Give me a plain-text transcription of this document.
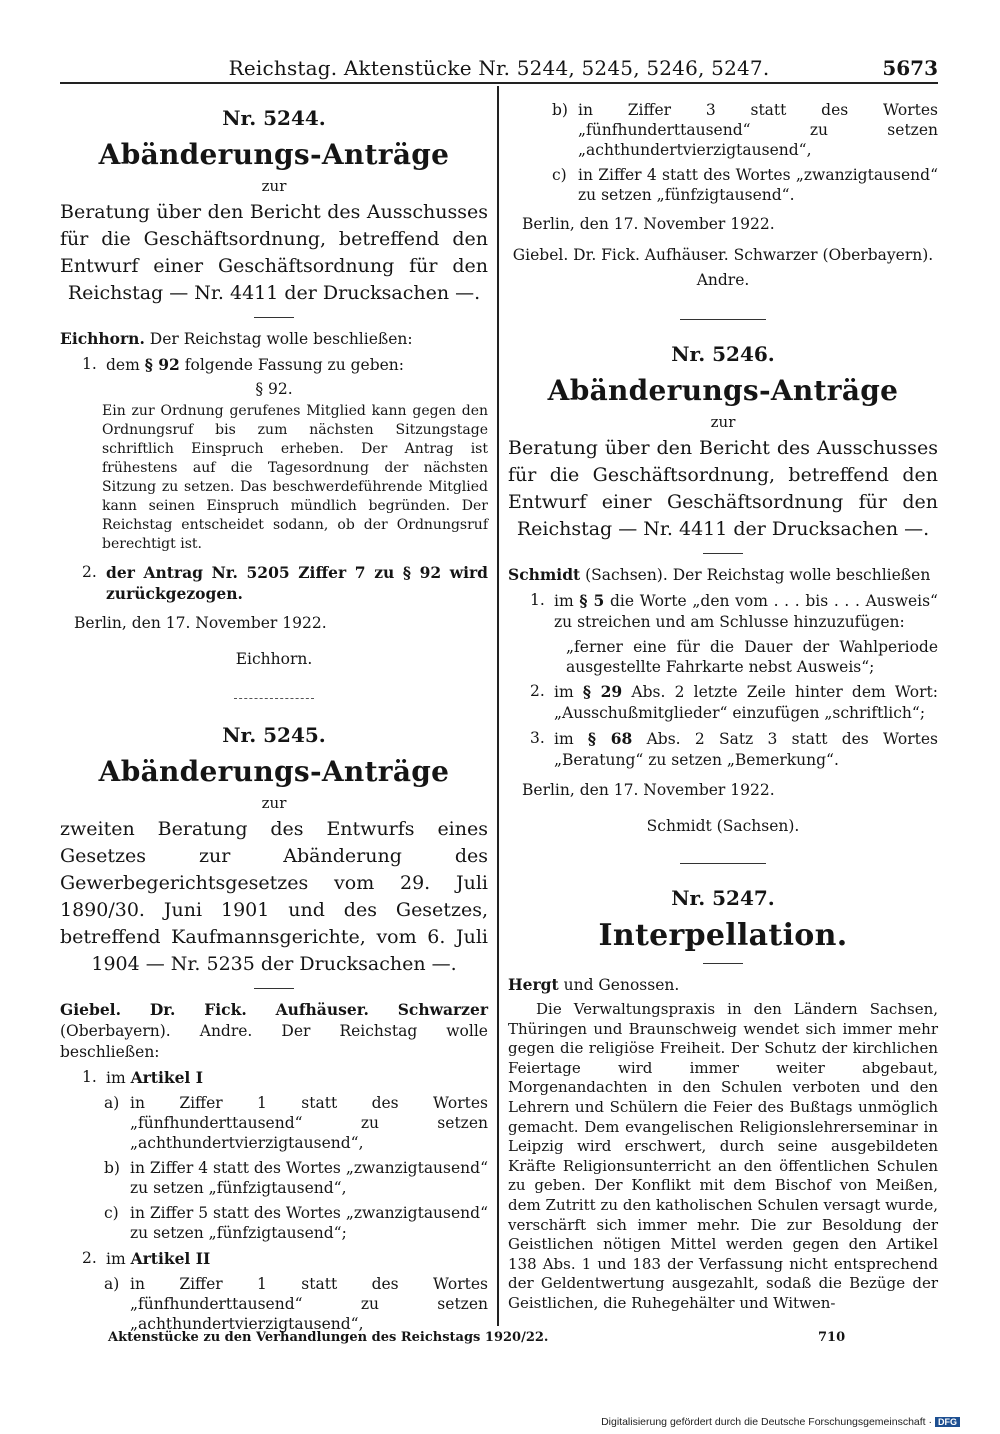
Reichstag. Aktenstücke Nr. 5244, 5245, 5246, 5247.	5673
Nr. 5244.
Abänderungs-Anträge
zur
Beratung über den Bericht des Ausschusses für die Geschäftsordnung, betreffend den Entwurf einer Geschäftsordnung für den Reichstag — Nr. 4411 der Drucksachen —.
Eichhorn. Der Reichstag wolle beschließen:
1. dem § 92 folgende Fassung zu geben:
§ 92.
Ein zur Ordnung gerufenes Mitglied kann gegen den Ordnungsruf bis zum nächsten Sitzungstage schriftlich Einspruch erheben. Der Antrag ist frühestens auf die Tagesordnung der nächsten Sitzung zu setzen. Das beschwerdeführende Mitglied kann seinen Einspruch mündlich begründen. Der Reichstag entscheidet sodann, ob der Ordnungsruf berechtigt ist.
2. der Antrag Nr. 5205 Ziffer 7 zu § 92 wird zurückgezogen.
Berlin, den 17. November 1922.
Eichhorn.
Nr. 5245.
Abänderungs-Anträge
zur
zweiten Beratung des Entwurfs eines Gesetzes zur Abänderung des Gewerbegerichtsgesetzes vom 29. Juli 1890/30. Juni 1901 und des Gesetzes, betreffend Kaufmannsgerichte, vom 6. Juli 1904 — Nr. 5235 der Drucksachen —.
Giebel. Dr. Fick. Aufhäuser. Schwarzer (Oberbayern). Andre. Der Reichstag wolle beschließen:
1. im Artikel I
a) in Ziffer 1 statt des Wortes „fünfhunderttausend“ zu setzen „achthundertvierzigtausend“,
b) in Ziffer 4 statt des Wortes „zwanzigtausend“ zu setzen „fünfzigtausend“,
c) in Ziffer 5 statt des Wortes „zwanzigtausend“ zu setzen „fünfzigtausend“;
2. im Artikel II
a) in Ziffer 1 statt des Wortes „fünfhunderttausend“ zu setzen „achthundertvierzigtausend“,
b) in Ziffer 3 statt des Wortes „fünfhunderttausend“ zu setzen „achthundertvierzigtausend“,
c) in Ziffer 4 statt des Wortes „zwanzigtausend“ zu setzen „fünfzigtausend“.
Berlin, den 17. November 1922.
Giebel. Dr. Fick. Aufhäuser. Schwarzer (Oberbayern).
Andre.
Nr. 5246.
Abänderungs-Anträge
zur
Beratung über den Bericht des Ausschusses für die Geschäftsordnung, betreffend den Entwurf einer Geschäftsordnung für den Reichstag — Nr. 4411 der Drucksachen —.
Schmidt (Sachsen). Der Reichstag wolle beschließen
1. im § 5 die Worte „den vom . . . bis . . . Ausweis“ zu streichen und am Schlusse hinzuzufügen:
„ferner eine für die Dauer der Wahlperiode ausgestellte Fahrkarte nebst Ausweis“;
2. im § 29 Abs. 2 letzte Zeile hinter dem Wort: „Ausschußmitglieder“ einzufügen „schriftlich“;
3. im § 68 Abs. 2 Satz 3 statt des Wortes „Beratung“ zu setzen „Bemerkung“.
Berlin, den 17. November 1922.
Schmidt (Sachsen).
Nr. 5247.
Interpellation.
Hergt und Genossen.

Die Verwaltungspraxis in den Ländern Sachsen, Thüringen und Braunschweig wendet sich immer mehr gegen die religiöse Freiheit. Der Schutz der kirchlichen Feiertage wird immer weiter abgebaut, Morgenandachten in den Schulen verboten und den Lehrern und Schülern die Feier des Bußtags unmöglich gemacht. Dem evangelischen Religionslehrerseminar in Leipzig wird erschwert, durch seine ausgebildeten Kräfte Religionsunterricht an den öffentlichen Schulen zu geben. Der Konflikt mit dem Bischof von Meißen, dem Zutritt zu den katholischen Schulen versagt wurde, verschärft sich immer mehr. Die zur Besoldung der Geistlichen nötigen Mittel werden gegen den Artikel 138 Abs. 1 und 183 der Verfassung nicht entsprechend der Geldentwertung ausgezahlt, sodaß die Bezüge der Geistlichen, die Ruhegehälter und Witwen-

Aktenstücke zu den Verhandlungen des Reichstags 1920/22.	710
Digitalisierung gefördert durch die Deutsche Forschungsgemeinschaft · DFG
